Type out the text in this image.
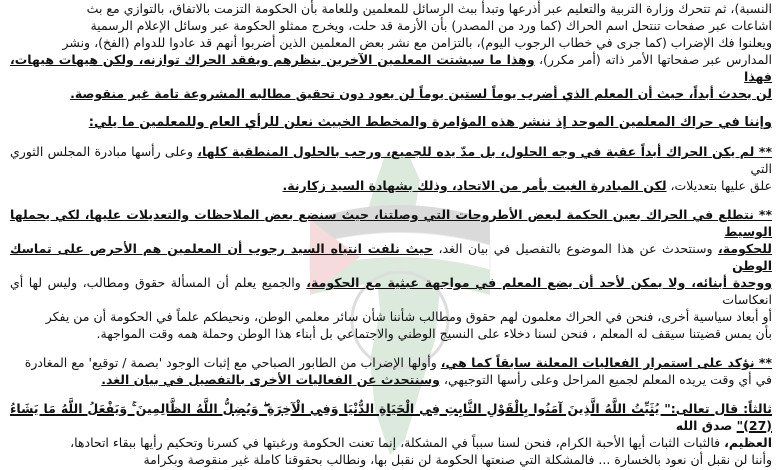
النسبة)، ثم تتحرك وزارة التربية والتعليم عبر أذرعها وتبدأ ببث الرسائل للمعلمين وللعامة بأن الحكومة التزمت بالاتفاق، بالتوازي مع بث

اشاعات عبر صفحات تنتحل اسم الحراك (كما ورد من المصدر) بأن الأزمة قد حلت، ويخرج ممثلو الحكومة عبر وسائل الإعلام الرسمية

ويعلنوا فك الإضراب (كما جرى في خطاب الرجوب اليوم)، بالتزامن مع نشر بعض المعلمين الذين أضربوا أنهم قد عادوا للدوام (الفخ)، ونشر

المدارس عبر صفحاتها الأمر ذاته (أمر مكرر)، وهذا ما سيشتت المعلمين الآخرين بنظرهم ويفقد الحراك توازنه، ولكن هيهات هيهات، فهذا

لن يحدث أبداً، حيث أن المعلم الذي أضرب يوماً لستين يوماً لن يعود دون تحقيق مطالبه المشروعة تامة غير منقوصة.

وإننا في حراك المعلمين الموحد إذ ننشر هذه المؤامرة والمخطط الخبيث نعلن للرأي العام وللمعلمين ما يلي:

** لم يكن الحراك أبداً عقبة في وجه الحلول، بل مدّ يده للجميع، ورحب بالحلول المنطقية كلها، وعلى رأسها مبادرة المجلس الثوري التي

علق عليها بتعديلات، لكن المبادرة الغيت بأمر من الاتحاد، وذلك بشهادة السيد زكارنة.

** نتطلع في الحراك بعين الحكمة لبعض الأطروحات التي وصلتنا، حيث سنضع بعض الملاحظات والتعديلات عليها، لكي يحملها الوسيط

للحكومة، وسنتحدث عن هذا الموضوع بالتفصيل في بيان الغد، حيث نلفت انتباه السيد رجوب أن المعلمين هم الأحرص على تماسك الوطن

ووحدة أبنائه، ولا يمكن لأحد أن يضع المعلم في مواجهة عبثية مع الحكومة، والجميع يعلم أن المسألة حقوق ومطالب، وليس لها أي انعكاسات

أو أبعاد سياسية أخرى، فنحن في الحراك معلمون لهم حقوق ومطالب شأننا شأن سائر معلمي الوطن، ونحيطكم علماً في الحكومة أن من يفكر

بأن يمس قضيتنا سيقف له المعلم ، فنحن لسنا دخلاء على النسيج الوطني والاجتماعي بل أبناء هذا الوطن وحملة همه وقت المواجهة.

** نؤكد على استمرار الفعاليات المعلنة سابقاً كما هي، وأولها الإضراب من الطابور الصباحي مع إثبات الوجود 'بصمة / توقيع' مع المغادرة

في أي وقت يريده المعلم لجميع المراحل وعلى رأسها التوجيهي، وسنتحدث عن الفعاليات الأخرى بالتفصيل في بيان الغد.

ثالثاً: قال تعالى:" يُثَبِّتُ اللَّهُ الَّذِينَ آمَنُوا بِالْقَوْلِ الثَّابِتِ فِي الْحَيَاةِ الدُّنْيَا وَفِي الْآخِرَةِ ۖ وَيُضِلُّ اللَّهُ الظَّالِمِينَ ۚ وَيَفْعَلُ اللَّهُ مَا يَشَاءُ (27)" صدق الله

العظيم، فالثبات الثبات أيها الأحبة الكرام، فنحن لسنا سبباً في المشكلة، إنما تعنت الحكومة ورغبتها في كسرنا وتحكيم رأيها ببقاء اتحادها،

وأننا لن نقبل أن نعود بالخسارة ... فالمشكلة التي صنعتها الحكومة لن نقبل بها، ونطالب بحقوقنا كاملة غير منقوصة وبكرامة
